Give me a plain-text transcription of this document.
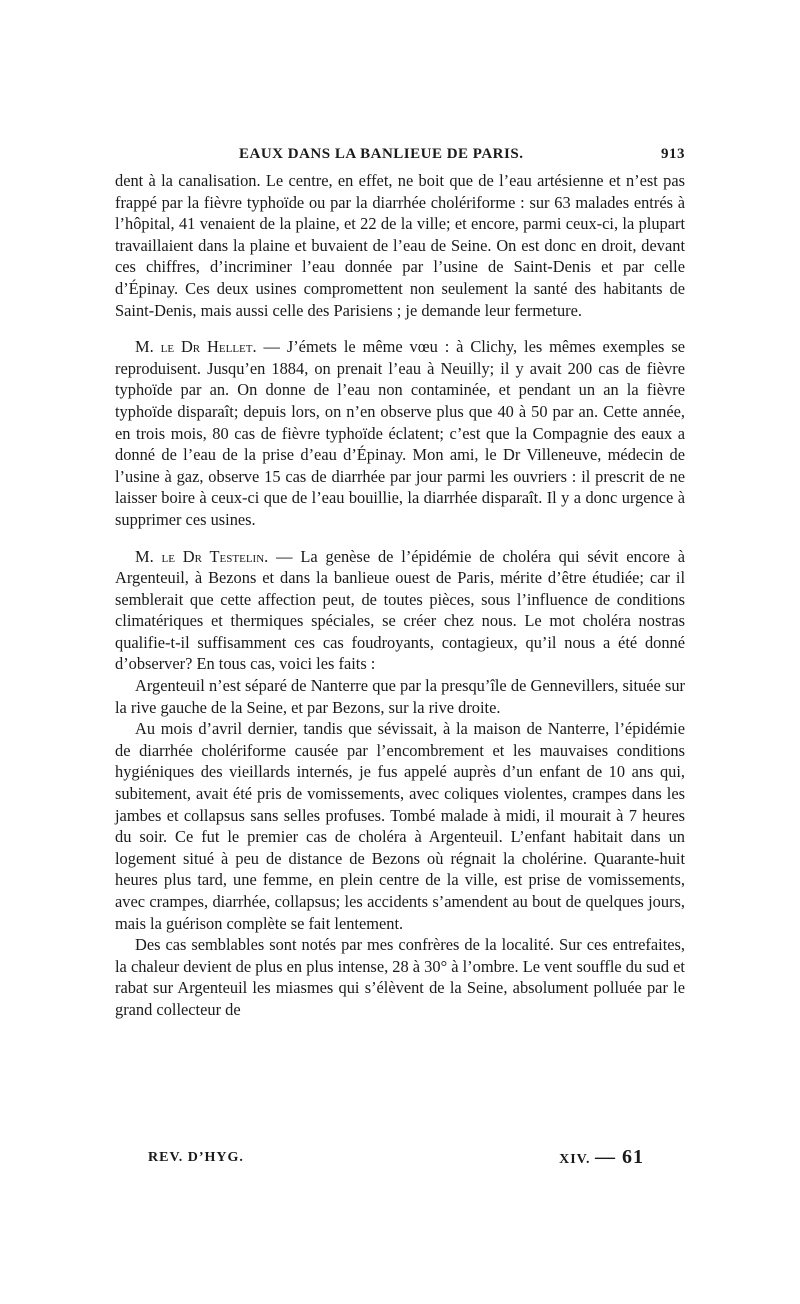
EAUX DANS LA BANLIEUE DE PARIS.	913

dent à la canalisation. Le centre, en effet, ne boit que de l’eau artésienne et n’est pas frappé par la fièvre typhoïde ou par la diarrhée cholériforme : sur 63 malades entrés à l’hôpital, 41 venaient de la plaine, et 22 de la ville; et encore, parmi ceux-ci, la plupart travaillaient dans la plaine et buvaient de l’eau de Seine. On est donc en droit, devant ces chiffres, d’incriminer l’eau donnée par l’usine de Saint-Denis et par celle d’Épinay. Ces deux usines compromettent non seulement la santé des habitants de Saint-Denis, mais aussi celle des Parisiens ; je demande leur fermeture.

M. le Dr Hellet. — J’émets le même vœu : à Clichy, les mêmes exemples se reproduisent. Jusqu’en 1884, on prenait l’eau à Neuilly; il y avait 200 cas de fièvre typhoïde par an. On donne de l’eau non contaminée, et pendant un an la fièvre typhoïde disparaît; depuis lors, on n’en observe plus que 40 à 50 par an. Cette année, en trois mois, 80 cas de fièvre typhoïde éclatent; c’est que la Compagnie des eaux a donné de l’eau de la prise d’eau d’Épinay. Mon ami, le Dr Villeneuve, médecin de l’usine à gaz, observe 15 cas de diarrhée par jour parmi les ouvriers : il prescrit de ne laisser boire à ceux-ci que de l’eau bouillie, la diarrhée disparaît. Il y a donc urgence à supprimer ces usines.

M. le Dr Testelin. — La genèse de l’épidémie de choléra qui sévit encore à Argenteuil, à Bezons et dans la banlieue ouest de Paris, mérite d’être étudiée; car il semblerait que cette affection peut, de toutes pièces, sous l’influence de conditions climatériques et thermiques spéciales, se créer chez nous. Le mot choléra nostras qualifie-t-il suffisamment ces cas foudroyants, contagieux, qu’il nous a été donné d’observer? En tous cas, voici les faits :

Argenteuil n’est séparé de Nanterre que par la presqu’île de Gennevillers, située sur la rive gauche de la Seine, et par Bezons, sur la rive droite.

Au mois d’avril dernier, tandis que sévissait, à la maison de Nanterre, l’épidémie de diarrhée cholériforme causée par l’encombrement et les mauvaises conditions hygiéniques des vieillards internés, je fus appelé auprès d’un enfant de 10 ans qui, subitement, avait été pris de vomissements, avec coliques violentes, crampes dans les jambes et collapsus sans selles profuses. Tombé malade à midi, il mourait à 7 heures du soir. Ce fut le premier cas de choléra à Argenteuil. L’enfant habitait dans un logement situé à peu de distance de Bezons où régnait la cholérine. Quarante-huit heures plus tard, une femme, en plein centre de la ville, est prise de vomissements, avec crampes, diarrhée, collapsus; les accidents s’amendent au bout de quelques jours, mais la guérison complète se fait lentement.

Des cas semblables sont notés par mes confrères de la localité. Sur ces entrefaites, la chaleur devient de plus en plus intense, 28 à 30° à l’ombre. Le vent souffle du sud et rabat sur Argenteuil les miasmes qui s’élèvent de la Seine, absolument polluée par le grand collecteur de

REV. D’HYG.	XIV. — 61
